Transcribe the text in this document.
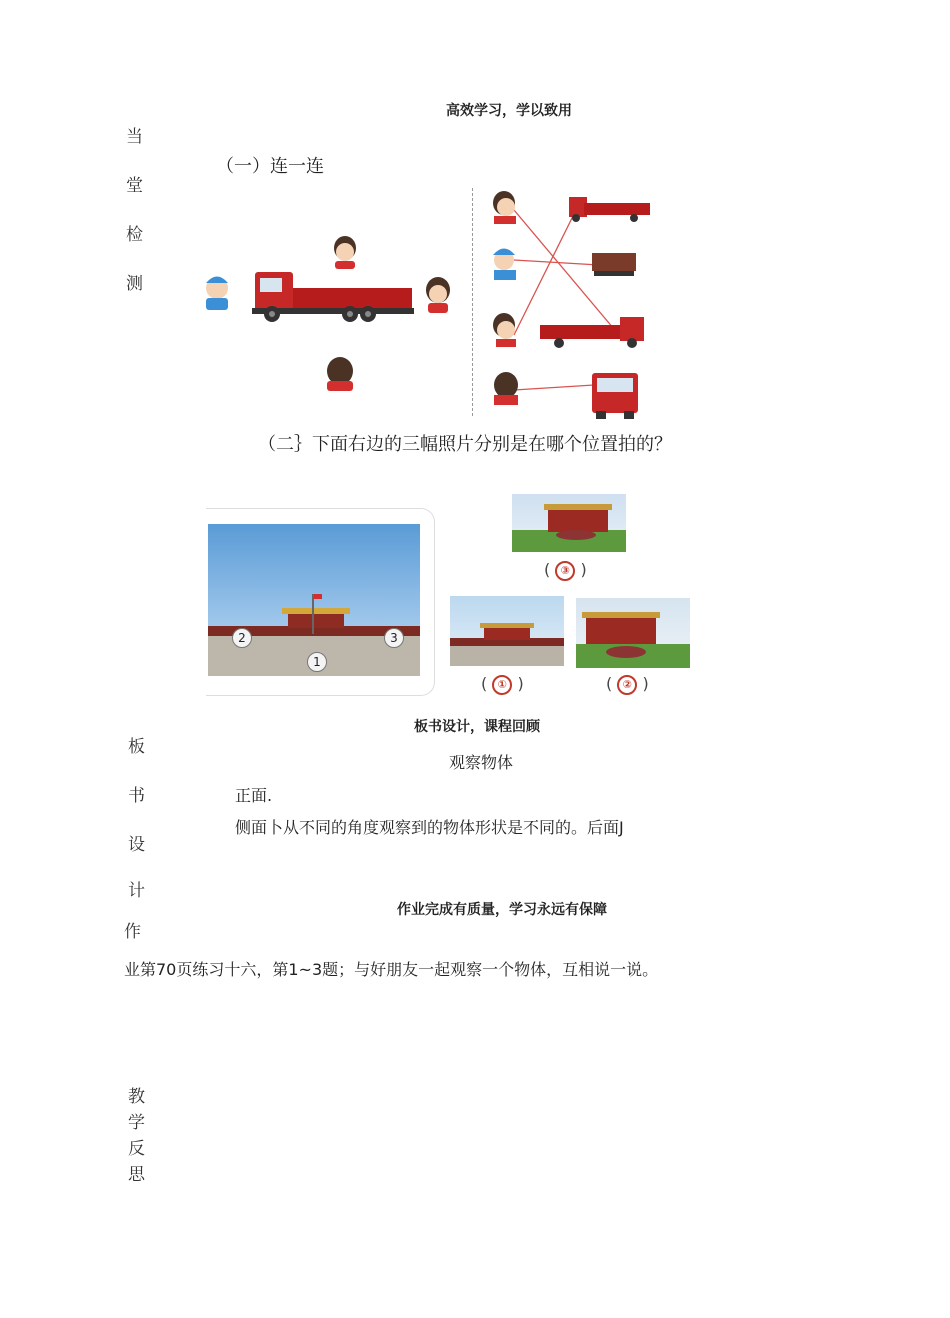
高效学习，学以致用
当
堂
检
测
（一）连一连
（二｝下面右边的三幅照片分别是在哪个位置拍的？
2	3
1
( ③ )
( ① )	( ② )
板书设计，课程回顾
板
书
设
计
观察物体
正面.
侧面卜从不同的角度观察到的物体形状是不同的。后面J
作业完成有质量，学习永远有保障
作
业第70页练习十六，第1~3题；与好朋友一起观察一个物体，互相说一说。
教
学
反
思
